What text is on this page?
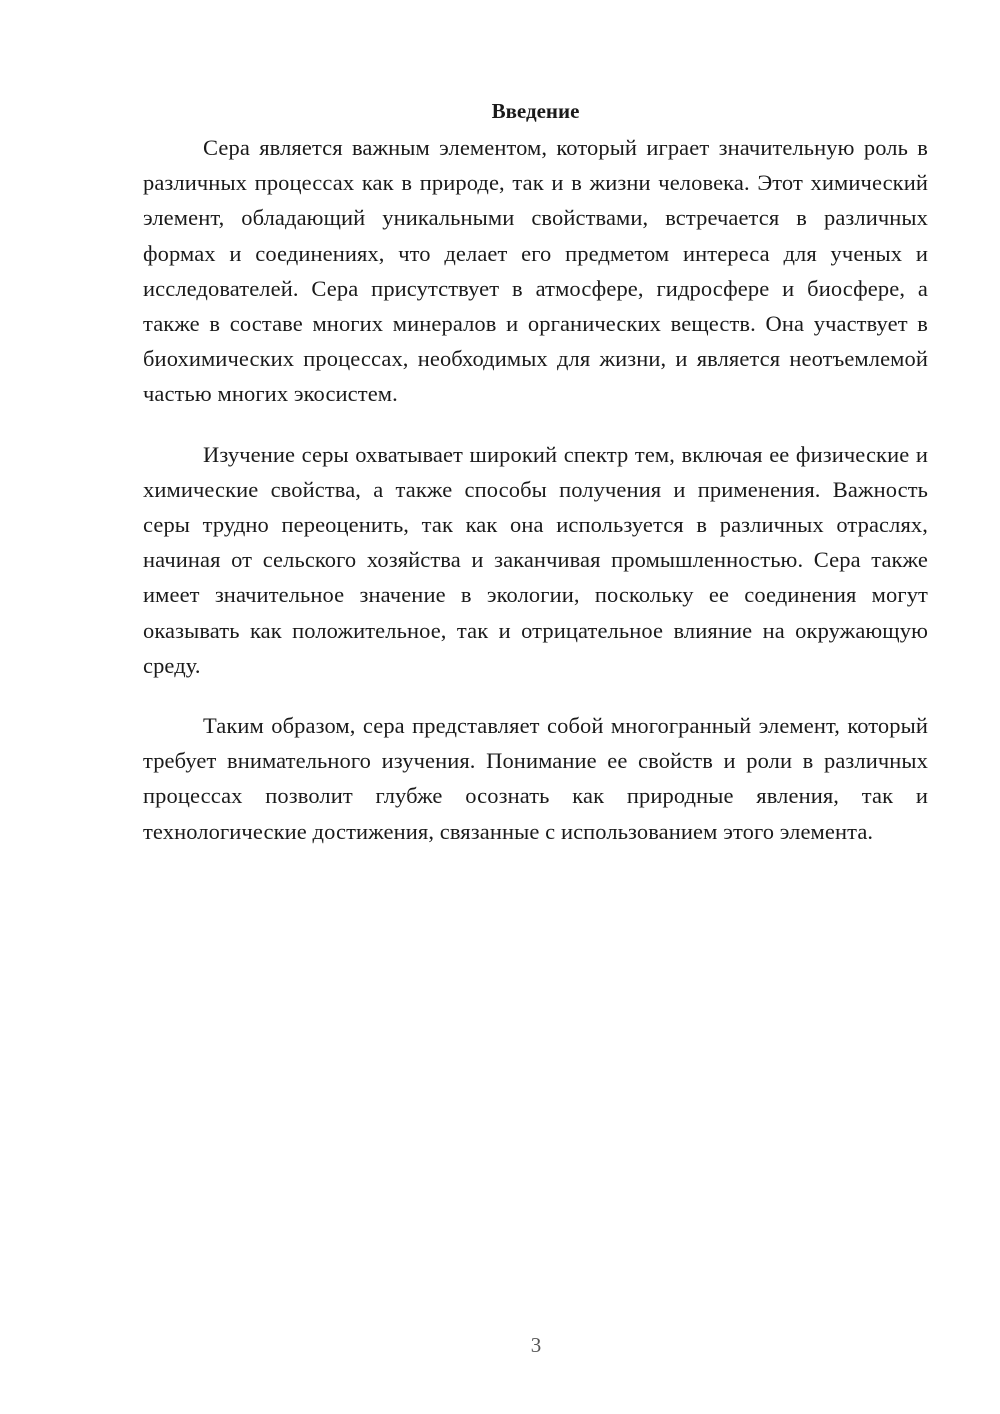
Введение

Сера является важным элементом, который играет значительную роль в различных процессах как в природе, так и в жизни человека. Этот химический элемент, обладающий уникальными свойствами, встречается в различных формах и соединениях, что делает его предметом интереса для ученых и исследователей. Сера присутствует в атмосфере, гидросфере и биосфере, а также в составе многих минералов и органических веществ. Она участвует в биохимических процессах, необходимых для жизни, и является неотъемлемой частью многих экосистем.

Изучение серы охватывает широкий спектр тем, включая ее физические и химические свойства, а также способы получения и применения. Важность серы трудно переоценить, так как она используется в различных отраслях, начиная от сельского хозяйства и заканчивая промышленностью. Сера также имеет значительное значение в экологии, поскольку ее соединения могут оказывать как положительное, так и отрицательное влияние на окружающую среду.

Таким образом, сера представляет собой многогранный элемент, который требует внимательного изучения. Понимание ее свойств и роли в различных процессах позволит глубже осознать как природные явления, так и технологические достижения, связанные с использованием этого элемента.

3
